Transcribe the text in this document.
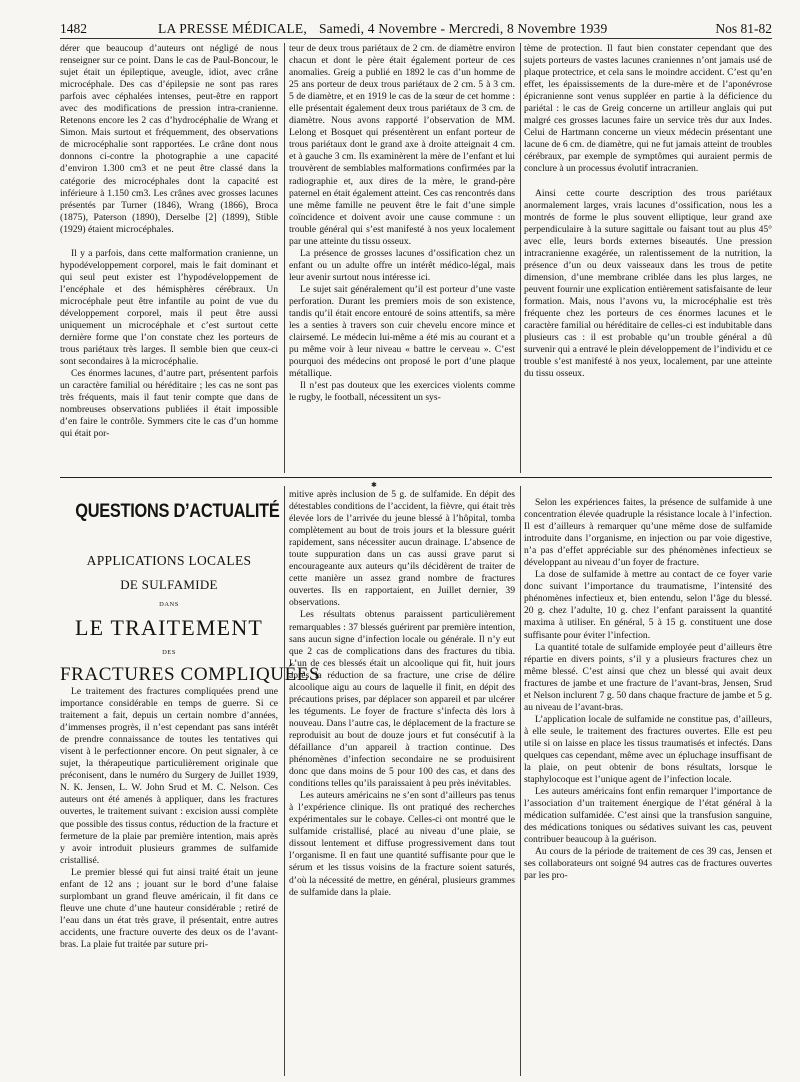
1482	LA PRESSE MÉDICALE, Samedi, 4 Novembre - Mercredi, 8 Novembre 1939	Nos 81-82

dérer que beaucoup d’auteurs ont négligé de nous renseigner sur ce point. Dans le cas de Paul-Boncour, le sujet était un épileptique, aveugle, idiot, avec crâne microcéphale. Des cas d’épilepsie ne sont pas rares parfois avec céphalées intenses, peut-être en rapport avec des modifications de pression intra-cranienne. Retenons encore les 2 cas d’hydrocéphalie de Wrang et Simon. Mais surtout et fréquemment, des observations de microcéphalie sont rapportées. Le crâne dont nous donnons ci-contre la photographie a une capacité d’environ 1.300 cm3 et ne peut être classé dans la catégorie des microcéphales dont la capacité est inférieure à 1.150 cm3. Les crânes avec grosses lacunes présentés par Turner (1846), Wrang (1866), Broca (1875), Paterson (1890), Derselbe [2] (1899), Stible (1929) étaient microcéphales.

Il y a parfois, dans cette malformation cranienne, un hypodéveloppement corporel, mais le fait dominant et qui seul peut exister est l’hypodéveloppement de l’encéphale et des hémisphères cérébraux. Un microcéphale peut être infantile au point de vue du développement corporel, mais il peut être aussi uniquement un microcéphale et c’est surtout cette dernière forme que l’on constate chez les porteurs de trous pariétaux très larges. Il semble bien que ceux-ci sont secondaires à la microcéphalie.

Ces énormes lacunes, d’autre part, présentent parfois un caractère familial ou héréditaire ; les cas ne sont pas très fréquents, mais il faut tenir compte que dans de nombreuses observations publiées il était impossible d’en faire le contrôle. Symmers cite le cas d’un homme qui était por-

teur de deux trous pariétaux de 2 cm. de diamètre environ chacun et dont le père était également porteur de ces anomalies. Greig a publié en 1892 le cas d’un homme de 25 ans porteur de deux trous pariétaux de 2 cm. 5 à 3 cm. 5 de diamètre, et en 1919 le cas de la sœur de cet homme : elle présentait également deux trous pariétaux de 3 cm. de diamètre. Nous avons rapporté l’observation de MM. Lelong et Bosquet qui présentèrent un enfant porteur de trous pariétaux dont le grand axe à droite atteignait 4 cm. et à gauche 3 cm. Ils examinèrent la mère de l’enfant et lui trouvèrent de semblables malformations confirmées par la radiographie et, aux dires de la mère, le grand-père paternel en était également atteint. Ces cas rencontrés dans une même famille ne peuvent être le fait d’une simple coïncidence et doivent avoir une cause commune : un trouble général qui s’est manifesté à nos yeux localement par une atteinte du tissu osseux.

La présence de grosses lacunes d’ossification chez un enfant ou un adulte offre un intérêt médico-légal, mais leur avenir surtout nous intéresse ici.

Le sujet sait généralement qu’il est porteur d’une vaste perforation. Durant les premiers mois de son existence, tandis qu’il était encore entouré de soins attentifs, sa mère les a senties à travers son cuir chevelu encore mince et clairsemé. Le médecin lui-même a été mis au courant et a pu même voir à leur niveau « battre le cerveau ». C’est pourquoi des médecins ont proposé le port d’une plaque métallique.

Il n’est pas douteux que les exercices violents comme le rugby, le football, nécessitent un sys-

tème de protection. Il faut bien constater cependant que des sujets porteurs de vastes lacunes craniennes n’ont jamais usé de plaque protectrice, et cela sans le moindre accident. C’est qu’en effet, les épaississements de la dure-mère et de l’aponévrose épicranienne sont venus suppléer en partie à la déficience du pariétal : le cas de Greig concerne un artilleur anglais qui put malgré ces grosses lacunes faire un service très dur aux Indes. Celui de Hartmann concerne un vieux médecin présentant une lacune de 6 cm. de diamètre, qui ne fut jamais atteint de troubles cérébraux, par exemple de symptômes qui auraient permis de conclure à un processus évolutif intracranien.

Ainsi cette courte description des trous pariétaux anormalement larges, vrais lacunes d’ossification, nous les a montrés de forme le plus souvent elliptique, leur grand axe perpendiculaire à la suture sagittale ou faisant tout au plus 45° avec elle, leurs bords externes biseautés. Une pression intracranienne exagérée, un ralentissement de la nutrition, la présence d’un ou deux vaisseaux dans les trous de petite dimension, d’une membrane criblée dans les plus larges, ne peuvent fournir une explication entièrement satisfaisante de leur formation. Mais, nous l’avons vu, la microcéphalie est très fréquente chez les porteurs de ces énormes lacunes et le caractère familial ou héréditaire de celles-ci est indubitable dans plusieurs cas : il est probable qu’un trouble général a dû survenir qui a entravé le plein développement de l’individu et ce trouble s’est manifesté à nos yeux, localement, par une atteinte du tissu osseux.

✱
QUESTIONS D’ACTUALITÉ
APPLICATIONS LOCALES
DE SULFAMIDE
DANS
LE TRAITEMENT
DES
FRACTURES COMPLIQUÉES

Le traitement des fractures compliquées prend une importance considérable en temps de guerre. Si ce traitement a fait, depuis un certain nombre d’années, d’immenses progrès, il n’est cependant pas sans intérêt de prendre connaissance de toutes les tentatives qui visent à le perfectionner encore. On peut signaler, à ce sujet, la thérapeutique particulièrement originale que préconisent, dans le numéro du Surgery de Juillet 1939, N. K. Jensen, L. W. John Srud et M. C. Nelson. Ces auteurs ont été amenés à appliquer, dans les fractures ouvertes, le traitement suivant : excision aussi complète que possible des tissus contus, réduction de la fracture et fermeture de la plaie par première intention, mais après y avoir introduit plusieurs grammes de sulfamide cristallisé.

Le premier blessé qui fut ainsi traité était un jeune enfant de 12 ans ; jouant sur le bord d’une falaise surplombant un grand fleuve américain, il fit dans ce fleuve une chute d’une hauteur considérable ; retiré de l’eau dans un état très grave, il présentait, entre autres accidents, une fracture ouverte des deux os de l’avant-bras. La plaie fut traitée par suture pri-

mitive après inclusion de 5 g. de sulfamide. En dépit des détestables conditions de l’accident, la fièvre, qui était très élevée lors de l’arrivée du jeune blessé à l’hôpital, tomba complètement au bout de trois jours et la blessure guérit rapidement, sans nécessiter aucun drainage. L’absence de toute suppuration dans un cas aussi grave parut si encourageante aux auteurs qu’ils décidèrent de traiter de cette manière un assez grand nombre de fractures ouvertes. Ils en rapportaient, en Juillet dernier, 39 observations.

Les résultats obtenus paraissent particulièrement remarquables : 37 blessés guérirent par première intention, sans aucun signe d’infection locale ou générale. Il n’y eut que 2 cas de complications dans des fractures du tibia. L’un de ces blessés était un alcoolique qui fit, huit jours après la réduction de sa fracture, une crise de délire alcoolique aigu au cours de laquelle il finit, en dépit des précautions prises, par déplacer son appareil et par ulcérer les téguments. Le foyer de fracture s’infecta dès lors à nouveau. Dans l’autre cas, le déplacement de la fracture se reproduisit au bout de douze jours et fut consécutif à la défaillance d’un appareil à traction continue. Des phénomènes d’infection secondaire ne se produisirent donc que dans moins de 5 pour 100 des cas, et dans des conditions telles qu’ils paraissaient à peu près inévitables.

Les auteurs américains ne s’en sont d’ailleurs pas tenus à l’expérience clinique. Ils ont pratiqué des recherches expérimentales sur le cobaye. Celles-ci ont montré que le sulfamide cristallisé, placé au niveau d’une plaie, se dissout lentement et diffuse progressivement dans tout l’organisme. Il en faut une quantité suffisante pour que le sérum et les tissus voisins de la fracture soient saturés, d’où la nécessité de mettre, en général, plusieurs grammes de sulfamide dans la plaie.

Selon les expériences faites, la présence de sulfamide à une concentration élevée quadruple la résistance locale à l’infection. Il est d’ailleurs à remarquer qu’une même dose de sulfamide introduite dans l’organisme, en injection ou par voie digestive, n’a pas d’effet appréciable sur des phénomènes infectieux se développant au niveau d’un foyer de fracture.

La dose de sulfamide à mettre au contact de ce foyer varie donc suivant l’importance du traumatisme, l’intensité des phénomènes infectieux et, bien entendu, selon l’âge du blessé. 20 g. chez l’adulte, 10 g. chez l’enfant paraissent la quantité maxima à utiliser. En général, 5 à 15 g. constituent une dose suffisante pour éviter l’infection.

La quantité totale de sulfamide employée peut d’ailleurs être répartie en divers points, s’il y a plusieurs fractures chez un même blessé. C’est ainsi que chez un blessé qui avait deux fractures de jambe et une fracture de l’avant-bras, Jensen, Srud et Nelson inclurent 7 g. 50 dans chaque fracture de jambe et 5 g. au niveau de l’avant-bras.

L’application locale de sulfamide ne constitue pas, d’ailleurs, à elle seule, le traitement des fractures ouvertes. Elle est peu utile si on laisse en place les tissus traumatisés et infectés. Dans quelques cas cependant, même avec un épluchage insuffisant de la plaie, on peut obtenir de bons résultats, lorsque le staphylocoque est l’unique agent de l’infection locale.

Les auteurs américains font enfin remarquer l’importance de l’association d’un traitement énergique de l’état général à la médication sulfamidée. C’est ainsi que la transfusion sanguine, des médications toniques ou sédatives suivant les cas, peuvent contribuer beaucoup à la guérison.

Au cours de la période de traitement de ces 39 cas, Jensen et ses collaborateurs ont soigné 94 autres cas de fractures ouvertes par les pro-
